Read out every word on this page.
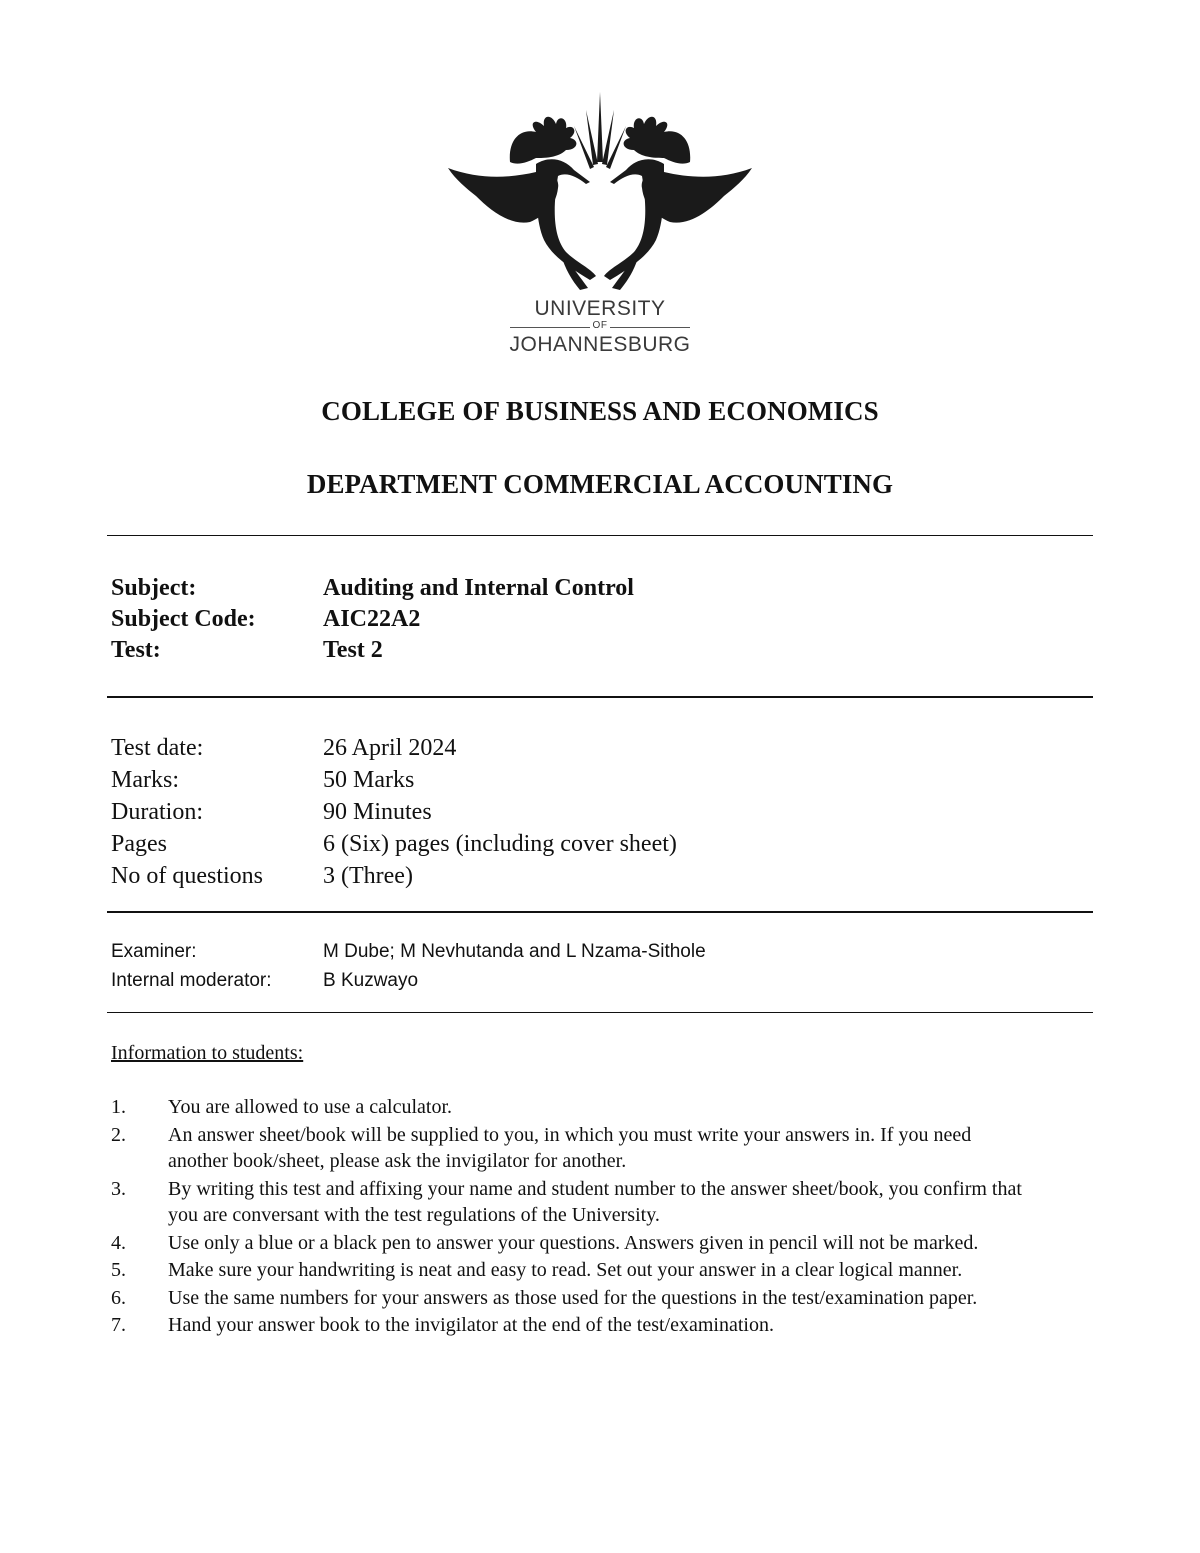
UNIVERSITY
OF
JOHANNESBURG
COLLEGE OF BUSINESS AND ECONOMICS
DEPARTMENT COMMERCIAL ACCOUNTING
Subject:	Auditing and Internal Control
Subject Code:	AIC22A2
Test:	Test 2
Test date:	26 April 2024
Marks:	50 Marks
Duration:	90 Minutes
Pages	6 (Six) pages (including cover sheet)
No of questions	3 (Three)
Examiner:	M Dube; M Nevhutanda and L Nzama-Sithole
Internal moderator:	B Kuzwayo
Information to students:
1.	You are allowed to use a calculator.
2.	An answer sheet/book will be supplied to you, in which you must write your answers in. If you need another book/sheet, please ask the invigilator for another.
3.	By writing this test and affixing your name and student number to the answer sheet/book, you confirm that you are conversant with the test regulations of the University.
4.	Use only a blue or a black pen to answer your questions. Answers given in pencil will not be marked.
5.	Make sure your handwriting is neat and easy to read. Set out your answer in a clear logical manner.
6.	Use the same numbers for your answers as those used for the questions in the test/examination paper.
7.	Hand your answer book to the invigilator at the end of the test/examination.
